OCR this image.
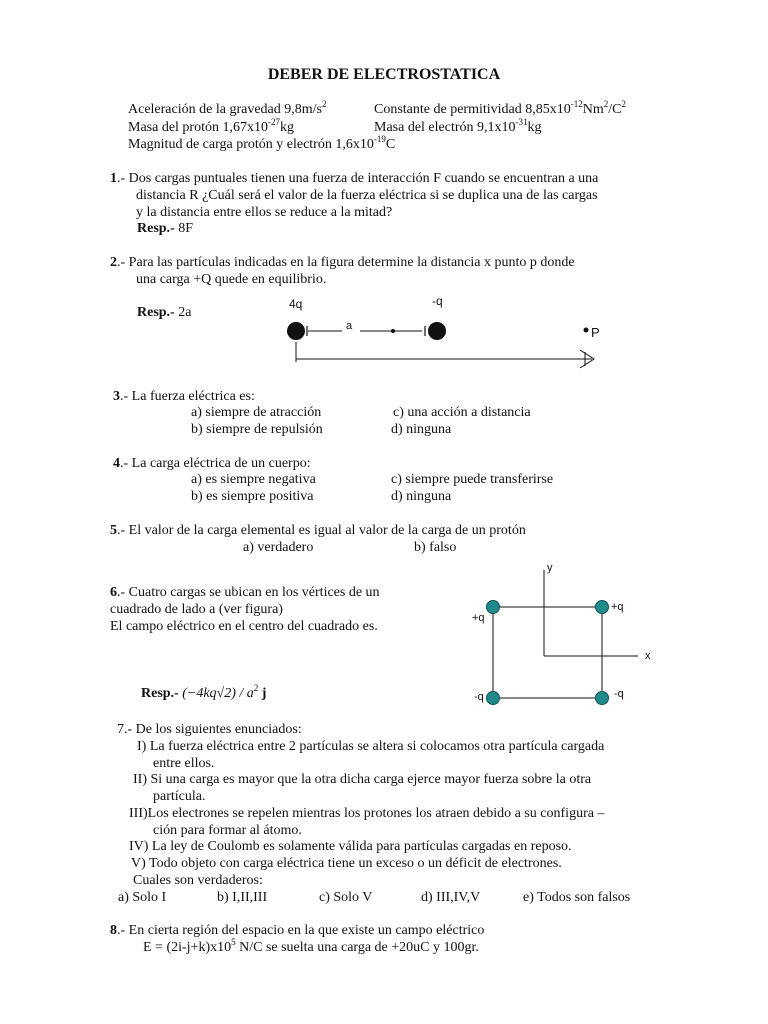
DEBER DE ELECTROSTATICA
Aceleración de la gravedad $9,8m/s^2$	Constante de permitividad $8,85x10^{-12}Nm^2/C^2$
Masa del protón $1,67x10^{-27}kg$	Masa del electrón $9,1x10^{-31}kg$
Magnitud de carga protón y electrón $1,6x10^{-19}C$
1.- Dos cargas puntuales tienen una fuerza de interacción F cuando se encuentran a una
distancia R ¿Cuál será el valor de la fuerza eléctrica si se duplica una de las cargas
y la distancia entre ellos se reduce a la mitad?
Resp.- 8F
2.- Para las partículas indicadas en la figura determine la distancia x punto p donde
una carga +Q quede en equilibrio.
Resp.- 2a
4q	-q
a	P
3.- La fuerza eléctrica es:
a) siempre de atracción	c) una acción a distancia
b) siempre de repulsión	d) ninguna
4.- La carga eléctrica de un cuerpo:
a) es siempre negativa	c) siempre puede transferirse
b) es siempre positiva	d) ninguna
5.- El valor de la carga elemental es igual al valor de la carga de un protón
a) verdadero	b) falso
6.- Cuatro cargas se ubican en los vértices de un
cuadrado de lado a (ver figura)
El campo eléctrico en el centro del cuadrado es.
Resp.- $(-4kq√2) / a^2$ j
y
x
+q
+q
-q	-q
7.- De los siguientes enunciados:
I) La fuerza eléctrica entre 2 partículas se altera si colocamos otra partícula cargada
entre ellos.
II) Si una carga es mayor que la otra dicha carga ejerce mayor fuerza sobre la otra
partícula.
III)Los electrones se repelen mientras los protones los atraen debido a su configura –
ción para formar al átomo.
IV) La ley de Coulomb es solamente válida para partículas cargadas en reposo.
V) Todo objeto con carga eléctrica tiene un exceso o un déficit de electrones.
Cuales son verdaderos:
a) Solo I	b) I,II,III	c) Solo V	d) III,IV,V	e) Todos son falsos
8.- En cierta región del espacio en la que existe un campo eléctrico
$E = (2i-j+k)x10^5$ N/C se suelta una carga de +20uC y 100gr.
